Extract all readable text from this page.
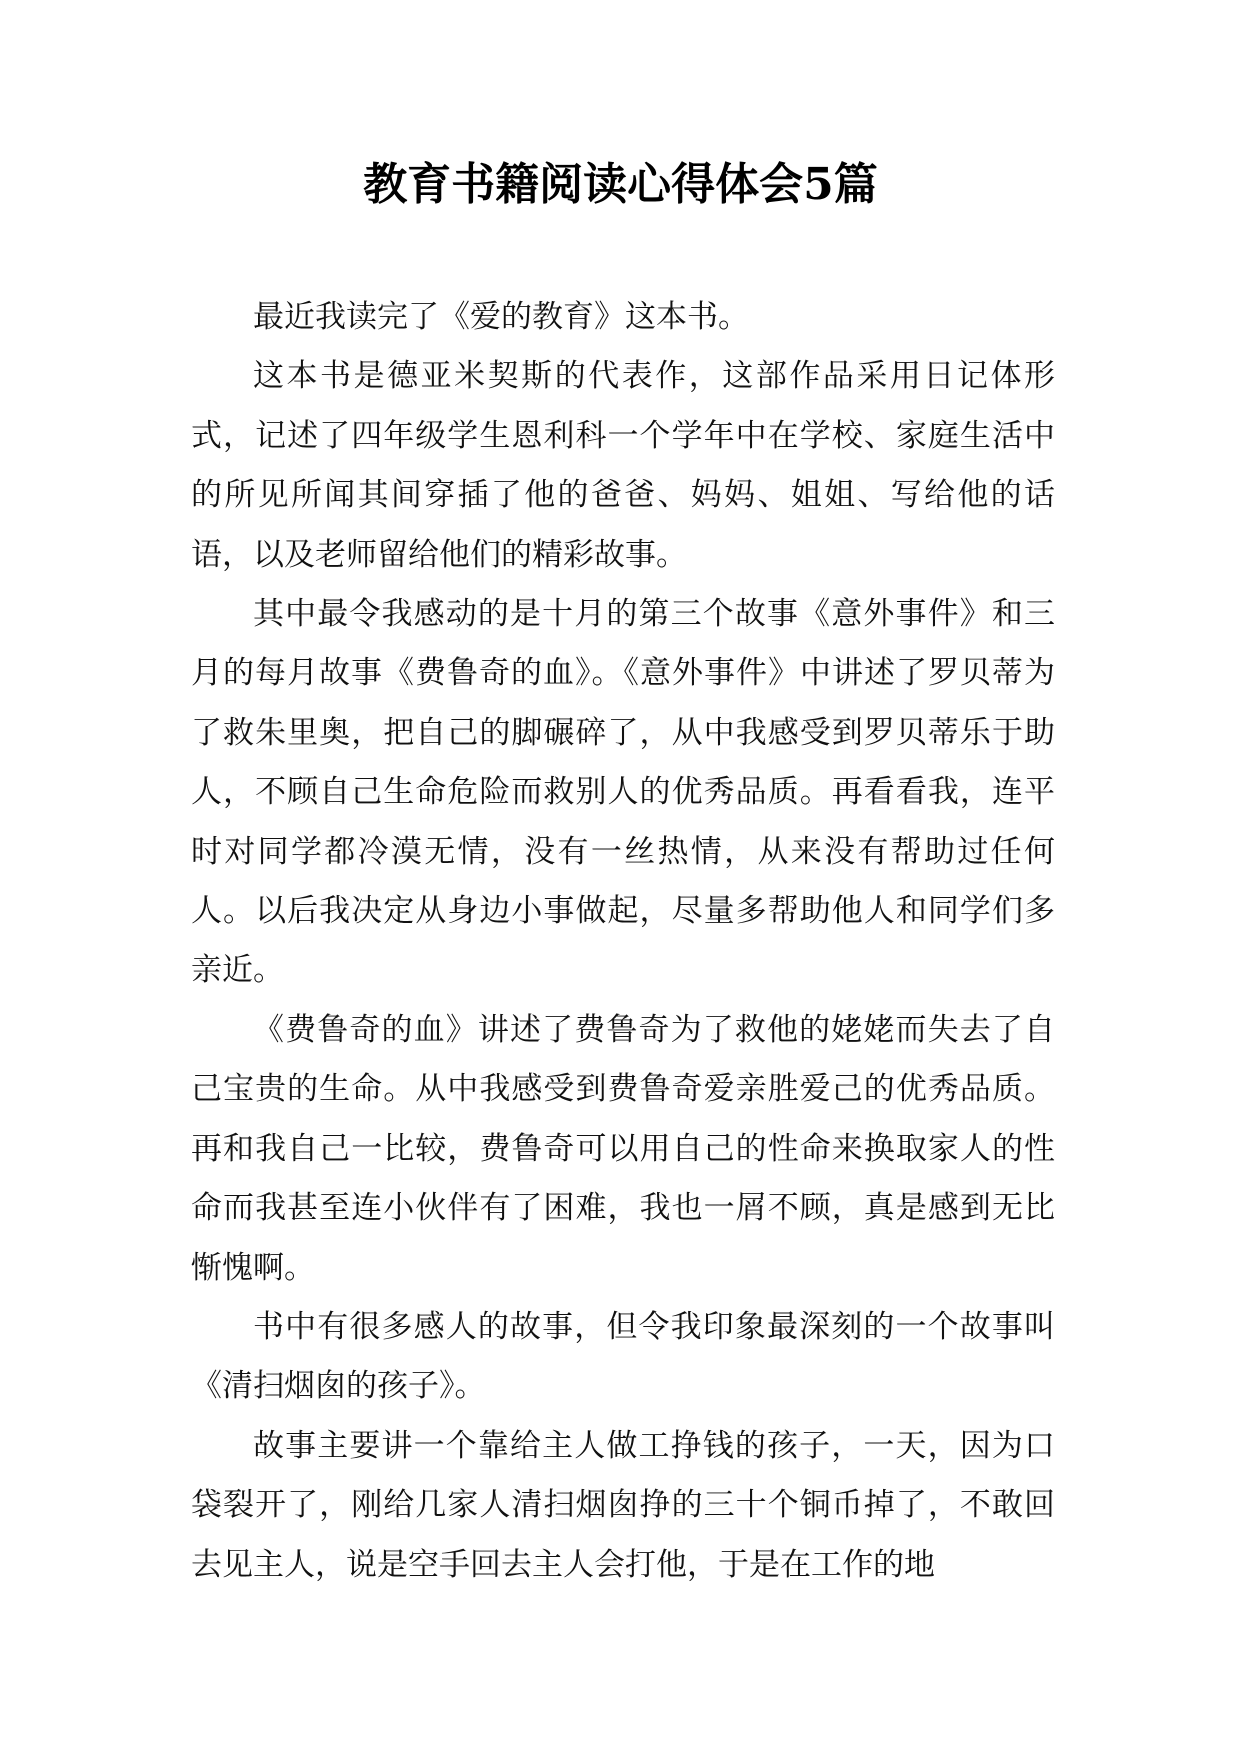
教育书籍阅读心得体会5篇

最近我读完了《爱的教育》这本书。

这本书是德亚米契斯的代表作，这部作品采用日记体形式，记述了四年级学生恩利科一个学年中在学校、家庭生活中的所见所闻其间穿插了他的爸爸、妈妈、姐姐、写给他的话语，以及老师留给他们的精彩故事。

其中最令我感动的是十月的第三个故事《意外事件》和三月的每月故事《费鲁奇的血》。《意外事件》中讲述了罗贝蒂为了救朱里奥，把自己的脚碾碎了，从中我感受到罗贝蒂乐于助人，不顾自己生命危险而救别人的优秀品质。再看看我，连平时对同学都冷漠无情，没有一丝热情，从来没有帮助过任何人。以后我决定从身边小事做起，尽量多帮助他人和同学们多亲近。

《费鲁奇的血》讲述了费鲁奇为了救他的姥姥而失去了自己宝贵的生命。从中我感受到费鲁奇爱亲胜爱己的优秀品质。再和我自己一比较，费鲁奇可以用自己的性命来换取家人的性命而我甚至连小伙伴有了困难，我也一屑不顾，真是感到无比惭愧啊。

书中有很多感人的故事，但令我印象最深刻的一个故事叫《清扫烟囱的孩子》。

故事主要讲一个靠给主人做工挣钱的孩子，一天，因为口袋裂开了，刚给几家人清扫烟囱挣的三十个铜币掉了，不敢回去见主人，说是空手回去主人会打他，于是在工作的地
